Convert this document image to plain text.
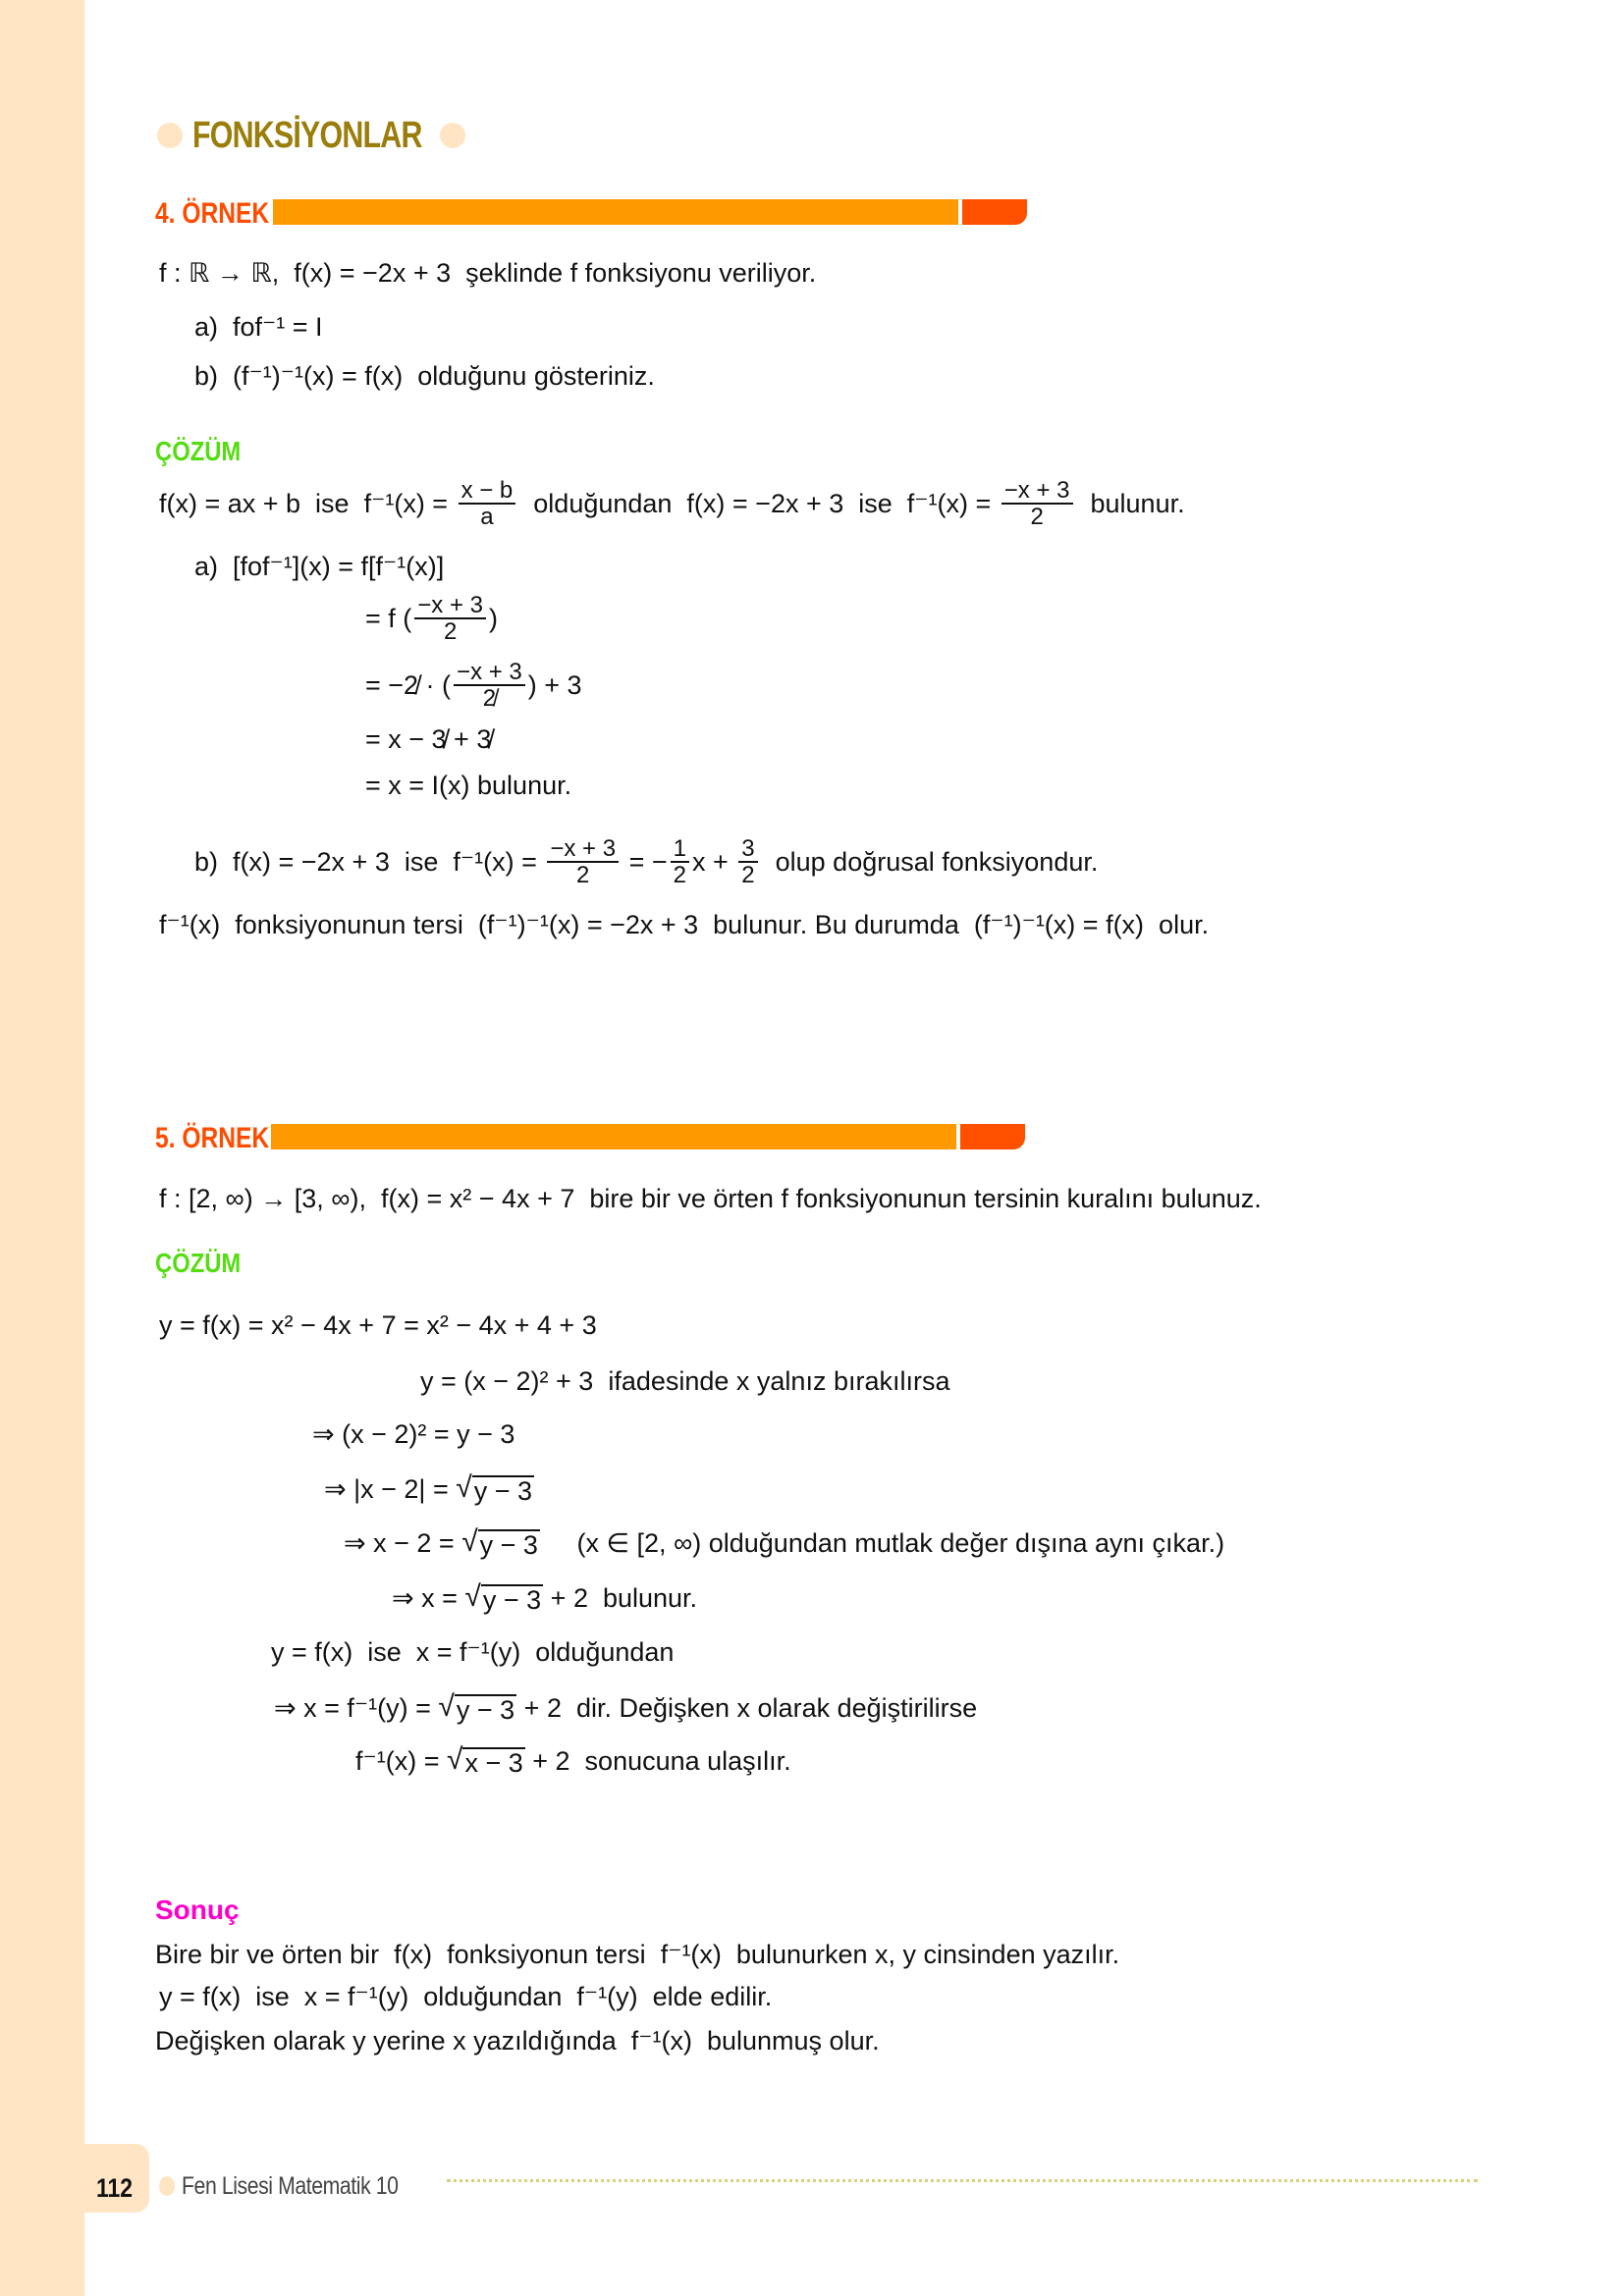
FONKSİYONLAR
4. ÖRNEK
f : ℝ → ℝ,  f(x) = −2x + 3  şeklinde f fonksiyonu veriliyor.
a)  fof⁻¹ = I
b)  (f⁻¹)⁻¹(x) = f(x)  olduğunu gösteriniz.
ÇÖZÜM
f(x) = ax + b  ise  $f^{-1}(x) = \frac{x - b}{a}$ olduğundan  f(x) = −2x + 3  ise  $f^{-1}(x) = \frac{-x + 3}{2}$ bulunur.
a)  [fof⁻¹](x) = f[f⁻¹(x)]
= f ( $\frac{-x + 3}{2}$ )
= −2̸ · ( $\frac{-x + 3}{2̸}$ ) + 3
= x − 3̸ + 3̸
= x = I(x) bulunur.
b)  f(x) = −2x + 3  ise  $f^{-1}(x) = \frac{-x + 3}{2}$ = − $\frac{1}{2}$ $x + \frac{3}{2}$ olup doğrusal fonksiyondur.
f⁻¹(x)  fonksiyonunun tersi  (f⁻¹)⁻¹(x) = −2x + 3  bulunur. Bu durumda  (f⁻¹)⁻¹(x) = f(x)  olur.
5. ÖRNEK
f : [2, ∞) → [3, ∞),  f(x) = x² − 4x + 7  bire bir ve örten f fonksiyonunun tersinin kuralını bulunuz.
ÇÖZÜM
y = f(x) = x² − 4x + 7 = x² − 4x + 4 + 3
y = (x − 2)² + 3  ifadesinde x yalnız bırakılırsa
⇒ (x − 2)² = y − 3
⇒ |x − 2| = √ y − 3
⇒ x − 2 = √ y − 3 (x ∈ [2, ∞) olduğundan mutlak değer dışına aynı çıkar.)
⇒ x = √ y − 3 + 2  bulunur.
y = f(x)  ise  x = f⁻¹(y)  olduğundan
⇒ x = f⁻¹(y) = √ y − 3 + 2  dir. Değişken x olarak değiştirilirse
f⁻¹(x) = √ x − 3 + 2  sonucuna ulaşılır.
Sonuç
Bire bir ve örten bir  f(x)  fonksiyonun tersi  f⁻¹(x)  bulunurken x, y cinsinden yazılır.
y = f(x)  ise  x = f⁻¹(y)  olduğundan  f⁻¹(y)  elde edilir.
Değişken olarak y yerine x yazıldığında  f⁻¹(x)  bulunmuş olur.
112 Fen Lisesi Matematik 10
